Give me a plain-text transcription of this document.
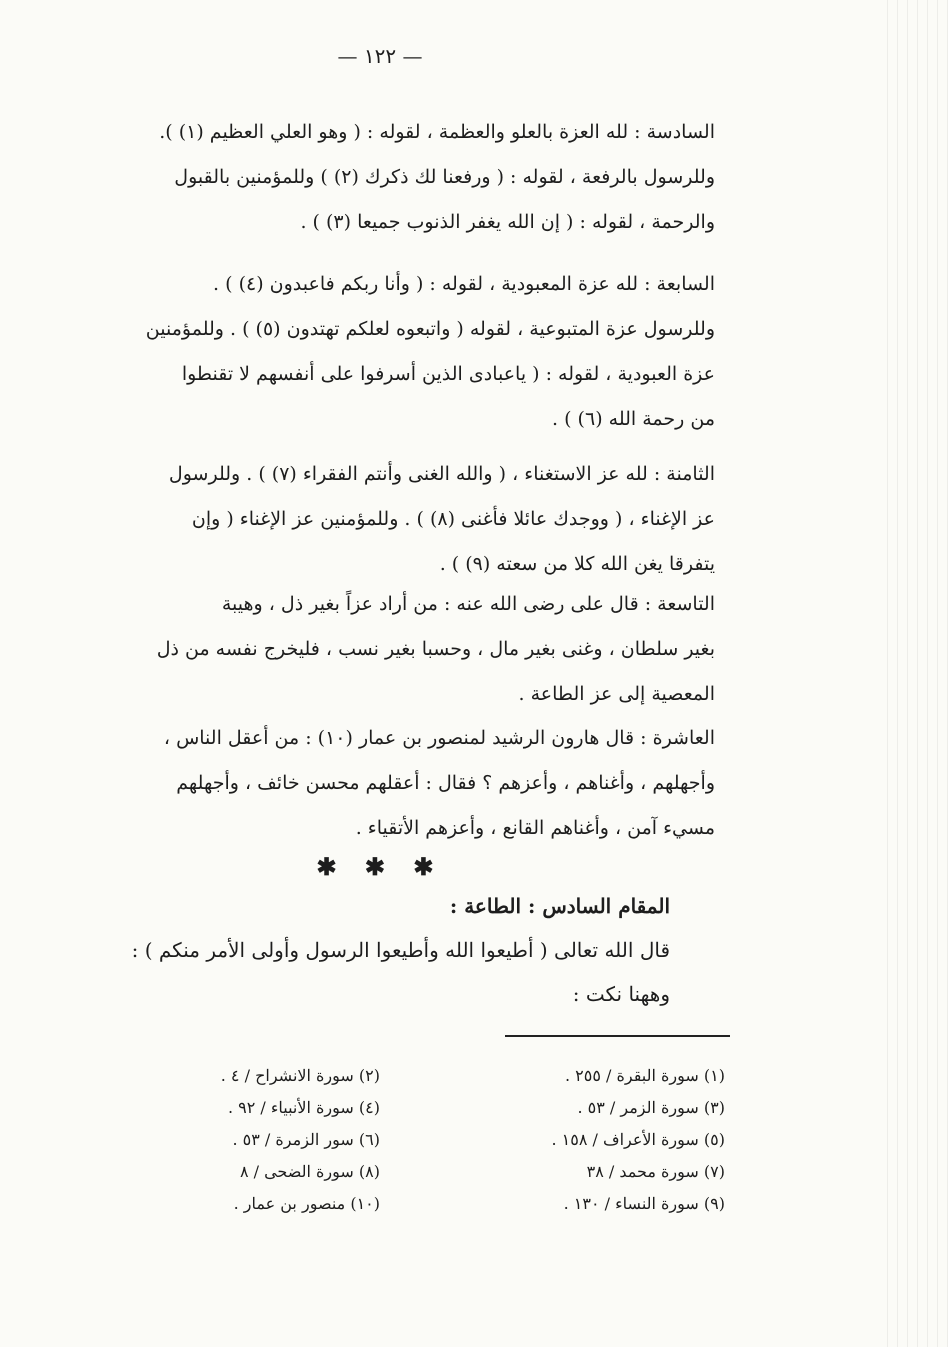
— ١٢٢ —

السادسة : لله العزة بالعلو والعظمة ، لقوله : ( وهو العلي العظيم (١) ).

وللرسول بالرفعة ، لقوله : ( ورفعنا لك ذكرك (٢) ) وللمؤمنين بالقبول

والرحمة ، لقوله : ( إن الله يغفر الذنوب جميعا (٣) ) .

السابعة : لله عزة المعبودية ، لقوله : ( وأنا ربكم فاعبدون (٤) ) .

وللرسول عزة المتبوعية ، لقوله ( واتبعوه لعلكم تهتدون (٥) ) . وللمؤمنين

عزة العبودية ، لقوله : ( ياعبادى الذين أسرفوا على أنفسهم لا تقنطوا

من رحمة الله (٦) ) .

الثامنة : لله عز الاستغناء ، ( والله الغنى وأنتم الفقراء (٧) ) . وللرسول

عز الإغناء ، ( ووجدك عائلا فأغنى (٨) ) . وللمؤمنين عز الإغناء ( وإن

يتفرقا يغن الله كلا من سعته (٩) ) .

التاسعة : قال على رضى الله عنه : من أراد عزاً بغير ذل ، وهيبة

بغير سلطان ، وغنى بغير مال ، وحسبا بغير نسب ، فليخرج نفسه من ذل

المعصية إلى عز الطاعة .

العاشرة : قال هارون الرشيد لمنصور بن عمار (١٠) : من أعقل الناس ،

وأجهلهم ، وأغناهم ، وأعزهم ؟ فقال : أعقلهم محسن خائف ، وأجهلهم

مسيء آمن ، وأغناهم القانع ، وأعزهم الأتقياء .

✱ ✱ ✱
المقام السادس : الطاعة :
قال الله تعالى ( أطيعوا الله وأطيعوا الرسول وأولى الأمر منكم ) :
وههنا نكت :
(١) سورة البقرة / ٢٥٥ .
(٣) سورة الزمر / ٥٣ .
(٥) سورة الأعراف / ١٥٨ .
(٧) سورة محمد / ٣٨
(٩) سورة النساء / ١٣٠ .
(٢) سورة الانشراح / ٤ .
(٤) سورة الأنبياء / ٩٢ .
(٦) سور الزمرة / ٥٣ .
(٨) سورة الضحى / ٨
(١٠) منصور بن عمار .
